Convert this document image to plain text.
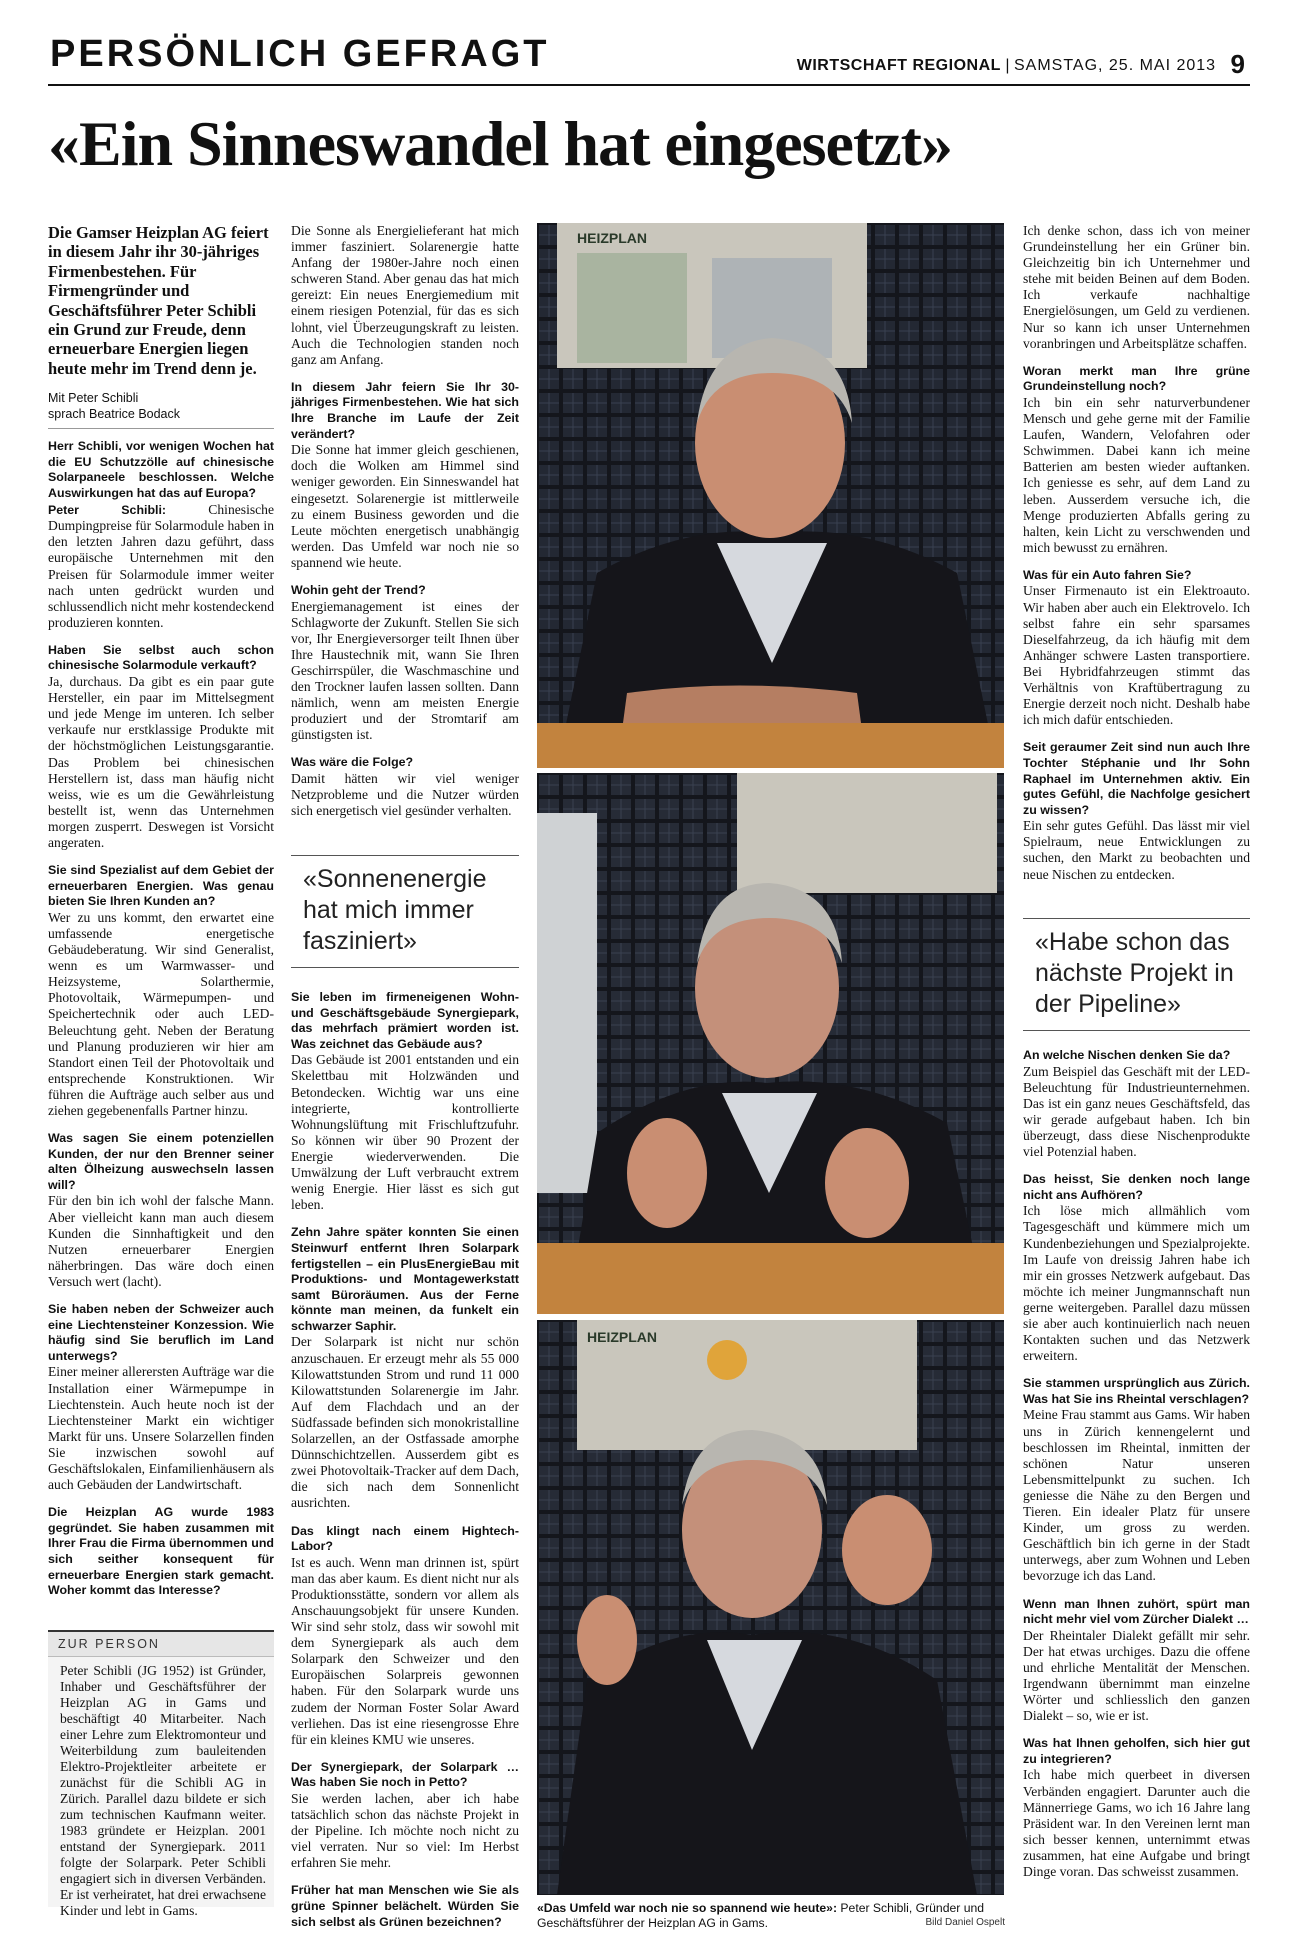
PERSÖNLICH GEFRAGT	WIRTSCHAFT REGIONAL | SAMSTAG, 25. MAI 2013 9
«Ein Sinneswandel hat eingesetzt»

Die Gamser Heizplan AG feiert in diesem Jahr ihr 30-jähriges Firmenbestehen. Für Firmengründer und Geschäftsführer Peter Schibli ein Grund zur Freude, denn erneuerbare Energien liegen heute mehr im Trend denn je.

Mit Peter Schibli
sprach Beatrice Bodack

Herr Schibli, vor wenigen Wochen hat die EU Schutzzölle auf chinesische Solarpaneele beschlossen. Welche Auswirkungen hat das auf Europa?
Peter Schibli: Chinesische Dumpingpreise für Solarmodule haben in den letzten Jahren dazu geführt, dass europäische Unternehmen mit den Preisen für Solarmodule immer weiter nach unten gedrückt wurden und schlussendlich nicht mehr kostendeckend produzieren konnten.

Haben Sie selbst auch schon chinesische Solarmodule verkauft?
Ja, durchaus. Da gibt es ein paar gute Hersteller, ein paar im Mittelsegment und jede Menge im unteren. Ich selber verkaufe nur erstklassige Produkte mit der höchstmöglichen Leistungsgarantie. Das Problem bei chinesischen Herstellern ist, dass man häufig nicht weiss, wie es um die Gewährleistung bestellt ist, wenn das Unternehmen morgen zusperrt. Deswegen ist Vorsicht angeraten.

Sie sind Spezialist auf dem Gebiet der erneuerbaren Energien. Was genau bieten Sie Ihren Kunden an?
Wer zu uns kommt, den erwartet eine umfassende energetische Gebäudeberatung. Wir sind Generalist, wenn es um Warmwasser- und Heizsysteme, Solarthermie, Photovoltaik, Wärmepumpen- und Speichertechnik oder auch LED-Beleuchtung geht. Neben der Beratung und Planung produzieren wir hier am Standort einen Teil der Photovoltaik und entsprechende Konstruktionen. Wir führen die Aufträge auch selber aus und ziehen gegebenenfalls Partner hinzu.

Was sagen Sie einem potenziellen Kunden, der nur den Brenner seiner alten Ölheizung auswechseln lassen will?
Für den bin ich wohl der falsche Mann. Aber vielleicht kann man auch diesem Kunden die Sinnhaftigkeit und den Nutzen erneuerbarer Energien näherbringen. Das wäre doch einen Versuch wert (lacht).

Sie haben neben der Schweizer auch eine Liechtensteiner Konzession. Wie häufig sind Sie beruflich im Land unterwegs?
Einer meiner allerersten Aufträge war die Installation einer Wärmepumpe in Liechtenstein. Auch heute noch ist der Liechtensteiner Markt ein wichtiger Markt für uns. Unsere Solarzellen finden Sie inzwischen sowohl auf Geschäftslokalen, Einfamilienhäusern als auch Gebäuden der Landwirtschaft.

Die Heizplan AG wurde 1983 gegründet. Sie haben zusammen mit Ihrer Frau die Firma übernommen und sich seither konsequent für erneuerbare Energien stark gemacht. Woher kommt das Interesse?

ZUR PERSON
Peter Schibli (JG 1952) ist Gründer, Inhaber und Geschäftsführer der Heizplan AG in Gams und beschäftigt 40 Mitarbeiter. Nach einer Lehre zum Elektromonteur und Weiterbildung zum bauleitenden Elektro-Projektleiter arbeitete er zunächst für die Schibli AG in Zürich. Parallel dazu bildete er sich zum technischen Kaufmann weiter. 1983 gründete er Heizplan. 2001 entstand der Synergiepark. 2011 folgte der Solarpark. Peter Schibli engagiert sich in diversen Verbänden. Er ist verheiratet, hat drei erwachsene Kinder und lebt in Gams.

Die Sonne als Energielieferant hat mich immer fasziniert. Solarenergie hatte Anfang der 1980er-Jahre noch einen schweren Stand. Aber genau das hat mich gereizt: Ein neues Energiemedium mit einem riesigen Potenzial, für das es sich lohnt, viel Überzeugungskraft zu leisten. Auch die Technologien standen noch ganz am Anfang.

In diesem Jahr feiern Sie Ihr 30-jähriges Firmenbestehen. Wie hat sich Ihre Branche im Laufe der Zeit verändert?
Die Sonne hat immer gleich geschienen, doch die Wolken am Himmel sind weniger geworden. Ein Sinneswandel hat eingesetzt. Solarenergie ist mittlerweile zu einem Business geworden und die Leute möchten energetisch unabhängig werden. Das Umfeld war noch nie so spannend wie heute.

Wohin geht der Trend?
Energiemanagement ist eines der Schlagworte der Zukunft. Stellen Sie sich vor, Ihr Energieversorger teilt Ihnen über Ihre Haustechnik mit, wann Sie Ihren Geschirrspüler, die Waschmaschine und den Trockner laufen lassen sollten. Dann nämlich, wenn am meisten Energie produziert und der Stromtarif am günstigsten ist.

Was wäre die Folge?
Damit hätten wir viel weniger Netzprobleme und die Nutzer würden sich energetisch viel gesünder verhalten.

«Sonnenenergie hat mich immer fasziniert»

Sie leben im firmeneigenen Wohn- und Geschäftsgebäude Synergiepark, das mehrfach prämiert worden ist. Was zeichnet das Gebäude aus?
Das Gebäude ist 2001 entstanden und ein Skelettbau mit Holzwänden und Betondecken. Wichtig war uns eine integrierte, kontrollierte Wohnungslüftung mit Frischluftzufuhr. So können wir über 90 Prozent der Energie wiederverwenden. Die Umwälzung der Luft verbraucht extrem wenig Energie. Hier lässt es sich gut leben.

Zehn Jahre später konnten Sie einen Steinwurf entfernt Ihren Solarpark fertigstellen – ein PlusEnergieBau mit Produktions- und Montagewerkstatt samt Büroräumen. Aus der Ferne könnte man meinen, da funkelt ein schwarzer Saphir.
Der Solarpark ist nicht nur schön anzuschauen. Er erzeugt mehr als 55 000 Kilowattstunden Strom und rund 11 000 Kilowattstunden Solarenergie im Jahr. Auf dem Flachdach und an der Südfassade befinden sich monokristalline Solarzellen, an der Ostfassade amorphe Dünnschichtzellen. Ausserdem gibt es zwei Photovoltaik-Tracker auf dem Dach, die sich nach dem Sonnenlicht ausrichten.

Das klingt nach einem Hightech-Labor?
Ist es auch. Wenn man drinnen ist, spürt man das aber kaum. Es dient nicht nur als Produktionsstätte, sondern vor allem als Anschauungsobjekt für unsere Kunden. Wir sind sehr stolz, dass wir sowohl mit dem Synergiepark als auch dem Solarpark den Schweizer und den Europäischen Solarpreis gewonnen haben. Für den Solarpark wurde uns zudem der Norman Foster Solar Award verliehen. Das ist eine riesengrosse Ehre für ein kleines KMU wie unseres.

Der Synergiepark, der Solarpark … Was haben Sie noch in Petto?
Sie werden lachen, aber ich habe tatsächlich schon das nächste Projekt in der Pipeline. Ich möchte noch nicht zu viel verraten. Nur so viel: Im Herbst erfahren Sie mehr.

Früher hat man Menschen wie Sie als grüne Spinner belächelt. Würden Sie sich selbst als Grünen bezeichnen?

HEIZPLAN
HEIZPLAN
«Das Umfeld war noch nie so spannend wie heute»: Peter Schibli, Gründer und Geschäftsführer der Heizplan AG in Gams.	Bild Daniel Ospelt

Ich denke schon, dass ich von meiner Grundeinstellung her ein Grüner bin. Gleichzeitig bin ich Unternehmer und stehe mit beiden Beinen auf dem Boden. Ich verkaufe nachhaltige Energielösungen, um Geld zu verdienen. Nur so kann ich unser Unternehmen voranbringen und Arbeitsplätze schaffen.

Woran merkt man Ihre grüne Grundeinstellung noch?
Ich bin ein sehr naturverbundener Mensch und gehe gerne mit der Familie Laufen, Wandern, Velofahren oder Schwimmen. Dabei kann ich meine Batterien am besten wieder auftanken. Ich geniesse es sehr, auf dem Land zu leben. Ausserdem versuche ich, die Menge produzierten Abfalls gering zu halten, kein Licht zu verschwenden und mich bewusst zu ernähren.

Was für ein Auto fahren Sie?
Unser Firmenauto ist ein Elektroauto. Wir haben aber auch ein Elektrovelo. Ich selbst fahre ein sehr sparsames Dieselfahrzeug, da ich häufig mit dem Anhänger schwere Lasten transportiere. Bei Hybridfahrzeugen stimmt das Verhältnis von Kraftübertragung zu Energie derzeit noch nicht. Deshalb habe ich mich dafür entschieden.

Seit geraumer Zeit sind nun auch Ihre Tochter Stéphanie und Ihr Sohn Raphael im Unternehmen aktiv. Ein gutes Gefühl, die Nachfolge gesichert zu wissen?
Ein sehr gutes Gefühl. Das lässt mir viel Spielraum, neue Entwicklungen zu suchen, den Markt zu beobachten und neue Nischen zu entdecken.

«Habe schon das nächste Projekt in der Pipeline»

An welche Nischen denken Sie da?
Zum Beispiel das Geschäft mit der LED-Beleuchtung für Industrieunternehmen. Das ist ein ganz neues Geschäftsfeld, das wir gerade aufgebaut haben. Ich bin überzeugt, dass diese Nischenprodukte viel Potenzial haben.

Das heisst, Sie denken noch lange nicht ans Aufhören?
Ich löse mich allmählich vom Tagesgeschäft und kümmere mich um Kundenbeziehungen und Spezialprojekte. Im Laufe von dreissig Jahren habe ich mir ein grosses Netzwerk aufgebaut. Das möchte ich meiner Jungmannschaft nun gerne weitergeben. Parallel dazu müssen sie aber auch kontinuierlich nach neuen Kontakten suchen und das Netzwerk erweitern.

Sie stammen ursprünglich aus Zürich. Was hat Sie ins Rheintal verschlagen?
Meine Frau stammt aus Gams. Wir haben uns in Zürich kennengelernt und beschlossen im Rheintal, inmitten der schönen Natur unseren Lebensmittelpunkt zu suchen. Ich geniesse die Nähe zu den Bergen und Tieren. Ein idealer Platz für unsere Kinder, um gross zu werden. Geschäftlich bin ich gerne in der Stadt unterwegs, aber zum Wohnen und Leben bevorzuge ich das Land.

Wenn man Ihnen zuhört, spürt man nicht mehr viel vom Zürcher Dialekt …
Der Rheintaler Dialekt gefällt mir sehr. Der hat etwas urchiges. Dazu die offene und ehrliche Mentalität der Menschen. Irgendwann übernimmt man einzelne Wörter und schliesslich den ganzen Dialekt – so, wie er ist.

Was hat Ihnen geholfen, sich hier gut zu integrieren?
Ich habe mich querbeet in diversen Verbänden engagiert. Darunter auch die Männerriege Gams, wo ich 16 Jahre lang Präsident war. In den Vereinen lernt man sich besser kennen, unternimmt etwas zusammen, hat eine Aufgabe und bringt Dinge voran. Das schweisst zusammen.
